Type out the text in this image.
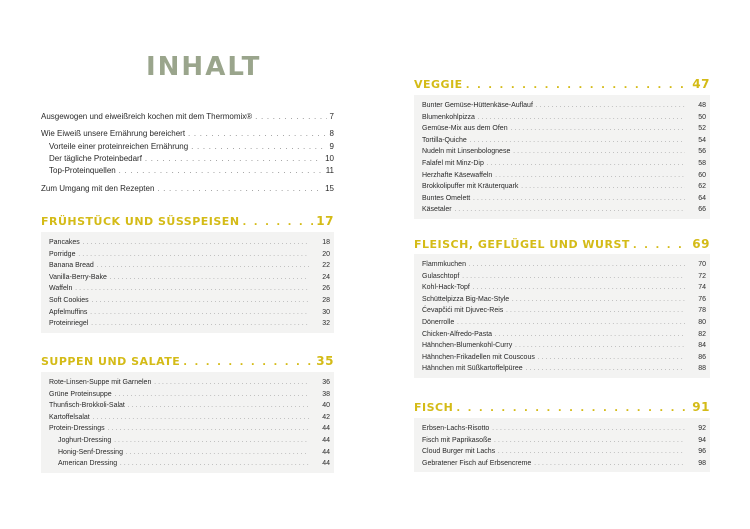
INHALT
Ausgewogen und eiweißreich kochen mit dem Thermomix® . . .	7
Wie Eiweiß unsere Ernährung bereichert . . .	8
Vorteile einer proteinreichen Ernährung . . .	9
Der tägliche Proteinbedarf . . .	10
Top-Proteinquellen . . .	11
Zum Umgang mit den Rezepten . . .	15
FRÜHSTÜCK UND SÜSSPEISEN . . .	17
Pancakes . . .	18
Porridge . . .	20
Banana Bread . . .	22
Vanilla-Berry-Bake . . .	24
Waffeln . . .	26
Soft Cookies . . .	28
Apfelmuffins . . .	30
Proteinriegel . . .	32
SUPPEN UND SALATE . . .	35
Rote-Linsen-Suppe mit Garnelen . . .	36
Grüne Proteinsuppe . . .	38
Thunfisch-Brokkoli-Salat . . .	40
Kartoffelsalat . . .	42
Protein-Dressings . . .	44
Joghurt-Dressing . . .	44
Honig-Senf-Dressing . . .	44
American Dressing . . .	44
VEGGIE . . .	47
Bunter Gemüse-Hüttenkäse-Auflauf . . .	48
Blumenkohlpizza . . .	50
Gemüse-Mix aus dem Ofen . . .	52
Tortilla-Quiche . . .	54
Nudeln mit Linsenbolognese . . .	56
Falafel mit Minz-Dip . . .	58
Herzhafte Käsewaffeln . . .	60
Brokkolipuffer mit Kräuterquark . . .	62
Buntes Omelett . . .	64
Käsetaler . . .	66
FLEISCH, GEFLÜGEL UND WURST . . .	69
Flammkuchen . . .	70
Gulaschtopf . . .	72
Kohl-Hack-Topf . . .	74
Schüttelpizza Big-Mac-Style . . .	76
Ćevapčići mit Djuvec-Reis . . .	78
Dönerrolle . . .	80
Chicken-Alfredo-Pasta . . .	82
Hähnchen-Blumenkohl-Curry . . .	84
Hähnchen-Frikadellen mit Couscous . . .	86
Hähnchen mit Süßkartoffelpüree . . .	88
FISCH . . .	91
Erbsen-Lachs-Risotto . . .	92
Fisch mit Paprikasoße . . .	94
Cloud Burger mit Lachs . . .	96
Gebratener Fisch auf Erbsencreme . . .	98
